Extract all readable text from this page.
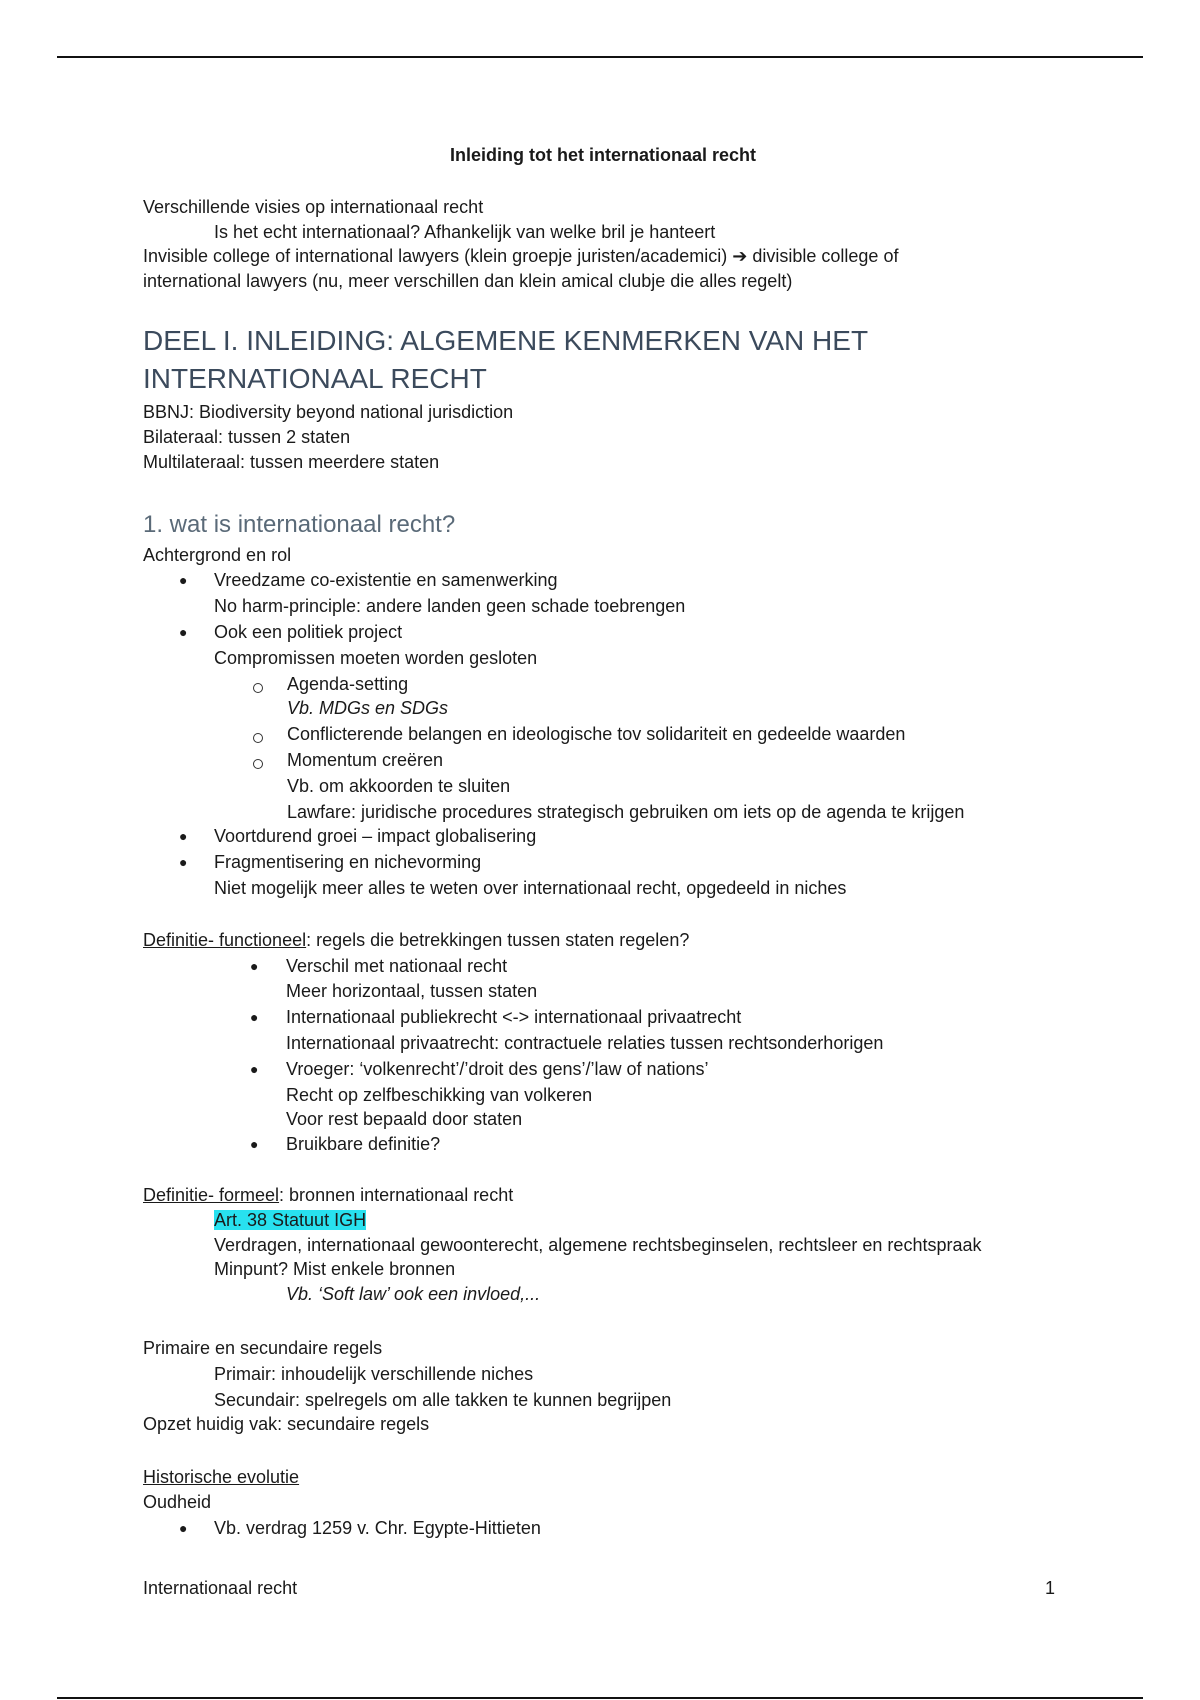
Inleiding tot het internationaal recht
Verschillende visies op internationaal recht
Is het echt internationaal? Afhankelijk van welke bril je hanteert
Invisible college of international lawyers (klein groepje juristen/academici) ➔ divisible college of
international lawyers (nu, meer verschillen dan klein amical clubje die alles regelt)
DEEL I. INLEIDING: ALGEMENE KENMERKEN VAN HET
INTERNATIONAAL RECHT
BBNJ: Biodiversity beyond national jurisdiction
Bilateraal: tussen 2 staten
Multilateraal: tussen meerdere staten
1. wat is internationaal recht?
Achtergrond en rol
● Vreedzame co-existentie en samenwerking
No harm-principle: andere landen geen schade toebrengen
● Ook een politiek project
Compromissen moeten worden gesloten
Agenda-setting
Vb. MDGs en SDGs
Conflicterende belangen en ideologische tov solidariteit en gedeelde waarden
Momentum creëren
Vb. om akkoorden te sluiten
Lawfare: juridische procedures strategisch gebruiken om iets op de agenda te krijgen
● Voortdurend groei – impact globalisering
● Fragmentisering en nichevorming
Niet mogelijk meer alles te weten over internationaal recht, opgedeeld in niches
Definitie- functioneel: regels die betrekkingen tussen staten regelen?
● Verschil met nationaal recht
Meer horizontaal, tussen staten
● Internationaal publiekrecht <-> internationaal privaatrecht
Internationaal privaatrecht: contractuele relaties tussen rechtsonderhorigen
● Vroeger: ‘volkenrecht’/’droit des gens’/’law of nations’
Recht op zelfbeschikking van volkeren
Voor rest bepaald door staten
● Bruikbare definitie?
Definitie- formeel: bronnen internationaal recht
Art. 38 Statuut IGH
Verdragen, internationaal gewoonterecht, algemene rechtsbeginselen, rechtsleer en rechtspraak
Minpunt? Mist enkele bronnen
Vb. ‘Soft law’ ook een invloed,...
Primaire en secundaire regels
Primair: inhoudelijk verschillende niches
Secundair: spelregels om alle takken te kunnen begrijpen
Opzet huidig vak: secundaire regels
Historische evolutie
Oudheid
● Vb. verdrag 1259 v. Chr. Egypte-Hittieten
Internationaal recht	1
